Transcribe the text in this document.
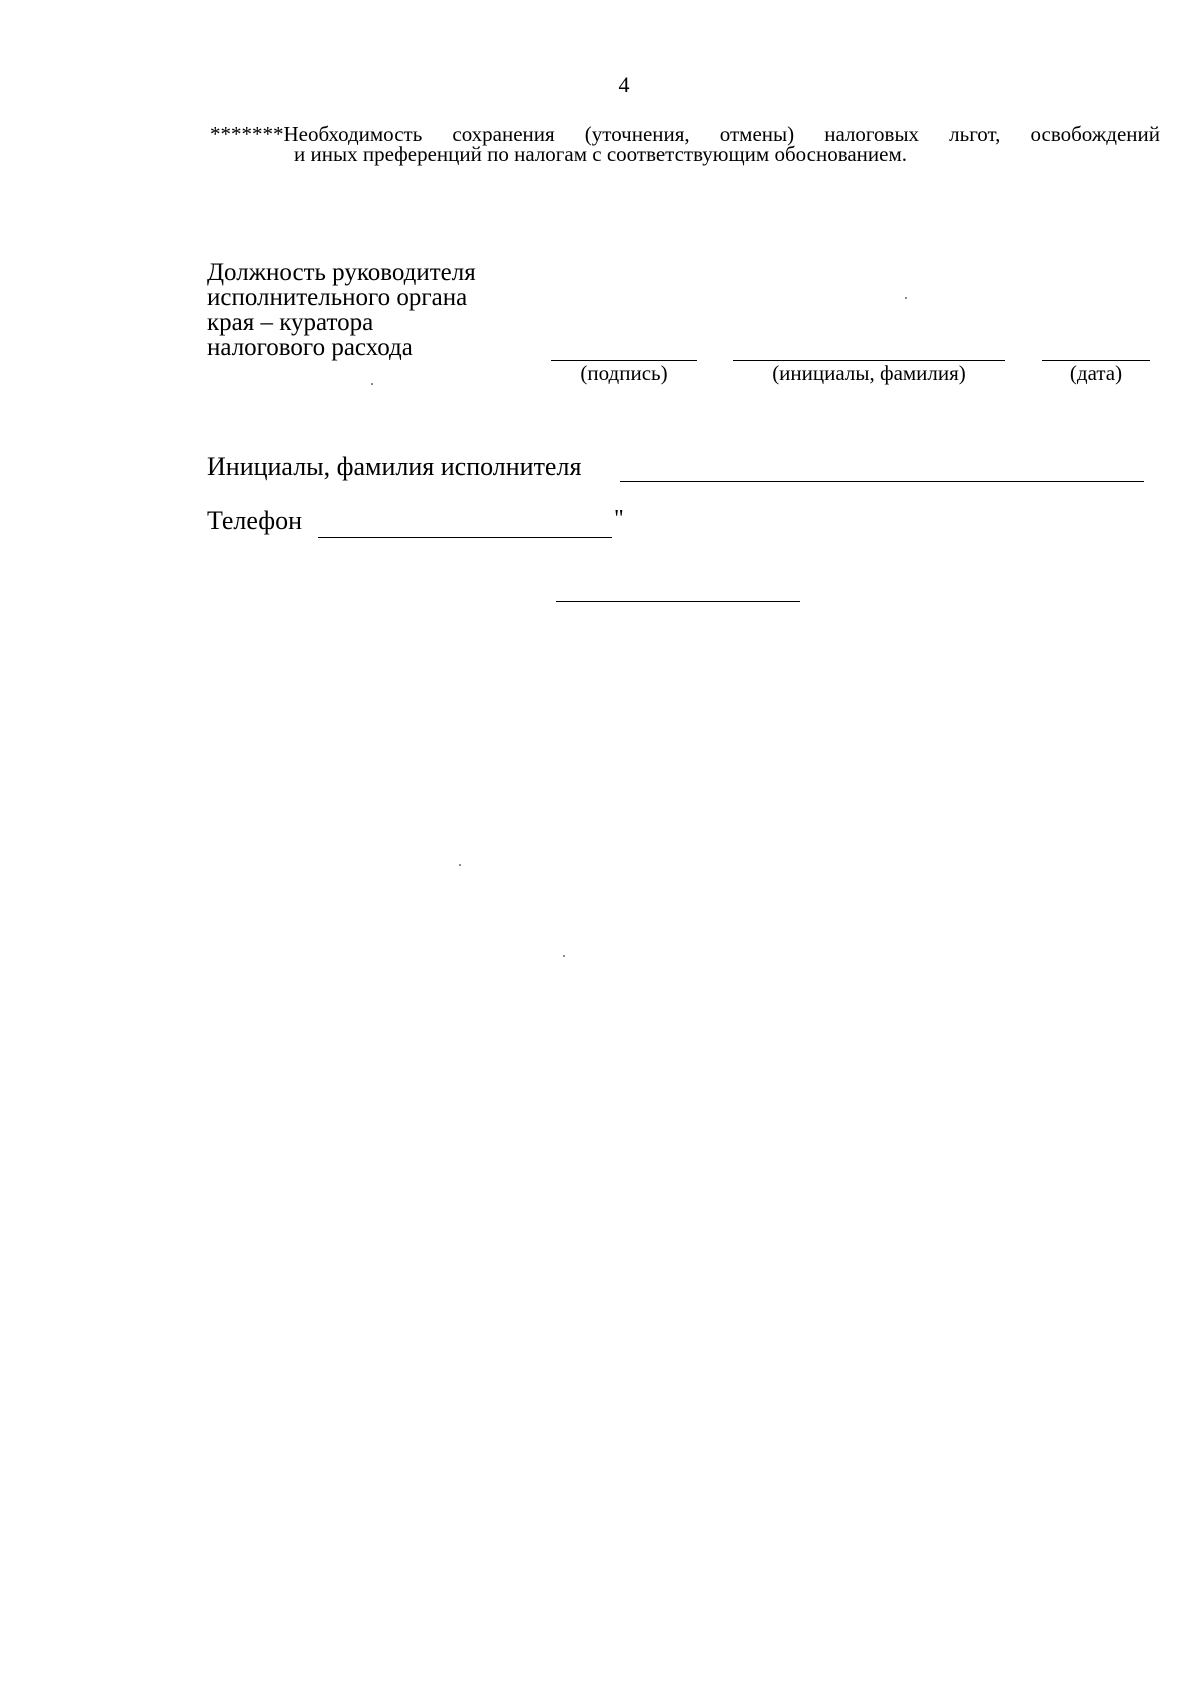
4
*******Необходимость сохранения (уточнения, отмены) налоговых льгот, освобождений
и иных преференций по налогам с соответствующим обоснованием.
Должность руководителя
исполнительного органа
края – куратора
налогового расхода
(подпись)	(инициалы, фамилия)	(дата)
Инициалы, фамилия исполнителя
Телефон	"
